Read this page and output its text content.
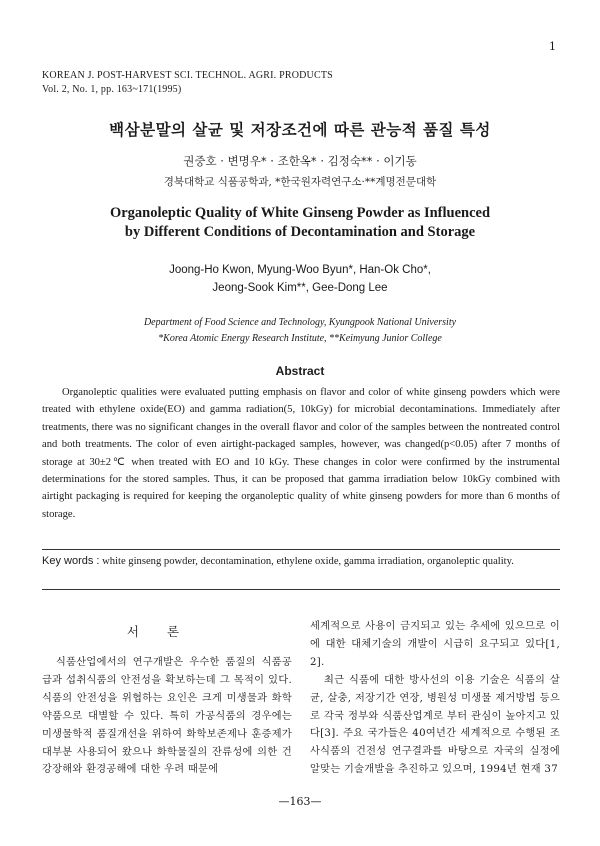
1
KOREAN J. POST-HARVEST SCI. TECHNOL. AGRI. PRODUCTS
Vol. 2, No. 1, pp. 163~171(1995)
백삼분말의 살균 및 저장조건에 따른 관능적 품질 특성
권중호 · 변명우* · 조한옥* · 김정숙** · 이기동
경북대학교 식품공학과, *한국원자력연구소·**계명전문대학
Organoleptic Quality of White Ginseng Powder as Influenced
by Different Conditions of Decontamination and Storage
Joong-Ho Kwon, Myung-Woo Byun*, Han-Ok Cho*,
Jeong-Sook Kim**, Gee-Dong Lee
Department of Food Science and Technology, Kyungpook National University
*Korea Atomic Energy Research Institute, **Keimyung Junior College
Abstract
Organoleptic qualities were evaluated putting emphasis on flavor and color of white ginseng powders which were treated with ethylene oxide(EO) and gamma radiation(5, 10kGy) for microbial decontaminations. Immediately after treatments, there was no significant changes in the overall flavor and color of the samples between the nontreated control and both treatments. The color of even airtight-packaged samples, however, was changed(p<0.05) after 7 months of storage at 30±2℃ when treated with EO and 10 kGy. These changes in color were confirmed by the instrumental determinations for the stored samples. Thus, it can be proposed that gamma irradiation below 10kGy combined with airtight packaging is required for keeping the organoleptic quality of white ginseng powders for more than 6 months of storage.
Key words : white ginseng powder, decontamination, ethylene oxide, gamma irradiation, organoleptic quality.
서론

식품산업에서의 연구개발은 우수한 품질의 식품공급과 섭취식품의 안전성을 확보하는데 그 목적이 있다. 식품의 안전성을 위협하는 요인은 크게 미생물과 화학약품으로 대별할 수 있다. 특히 가공식품의 경우에는 미생물학적 품질개선을 위하여 화학보존제나 훈증제가 대부분 사용되어 왔으나 화학물질의 잔류성에 의한 건강장해와 환경공해에 대한 우려 때문에

세계적으로 사용이 금지되고 있는 추세에 있으므로 이에 대한 대체기술의 개발이 시급히 요구되고 있다[1, 2].

최근 식품에 대한 방사선의 이용 기술은 식품의 살균, 살충, 저장기간 연장, 병원성 미생물 제거방법 등으로 각국 정부와 식품산업계로 부터 관심이 높아지고 있다[3]. 주요 국가들은 40여년간 세계적으로 수행된 조사식품의 건전성 연구결과를 바탕으로 자국의 실정에 알맞는 기술개발을 추진하고 있으며, 1994년 현재 37

—163—
